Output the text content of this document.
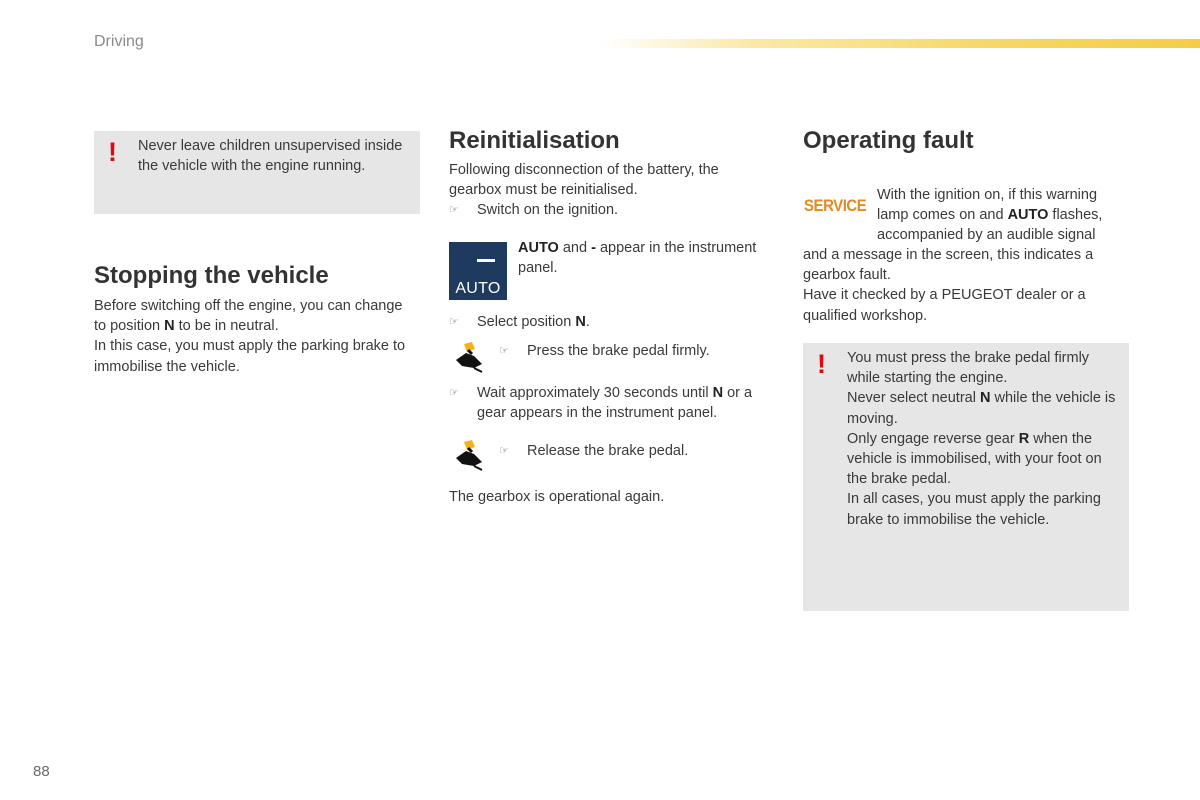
Driving
! Never leave children unsupervised inside the vehicle with the engine running.
Stopping the vehicle

Before switching off the engine, you can change to position N to be in neutral.

In this case, you must apply the parking brake to immobilise the vehicle.

Reinitialisation
Following disconnection of the battery, the gearbox must be reinitialised.
☞ Switch on the ignition.
AUTO
AUTO and - appear in the instrument panel.
☞ Select position N.
☞ Press the brake pedal firmly.
☞ Wait approximately 30 seconds until N or a gear appears in the instrument panel.
☞ Release the brake pedal.
The gearbox is operational again.
Operating fault
SERVICE
With the ignition on, if this warning lamp comes on and AUTO flashes, accompanied by an audible signal

and a message in the screen, this indicates a gearbox fault.

Have it checked by a PEUGEOT dealer or a qualified workshop.

! You must press the brake pedal firmly while starting the engine.

Never select neutral N while the vehicle is moving.

Only engage reverse gear R when the vehicle is immobilised, with your foot on the brake pedal.

In all cases, you must apply the parking brake to immobilise the vehicle.

88
